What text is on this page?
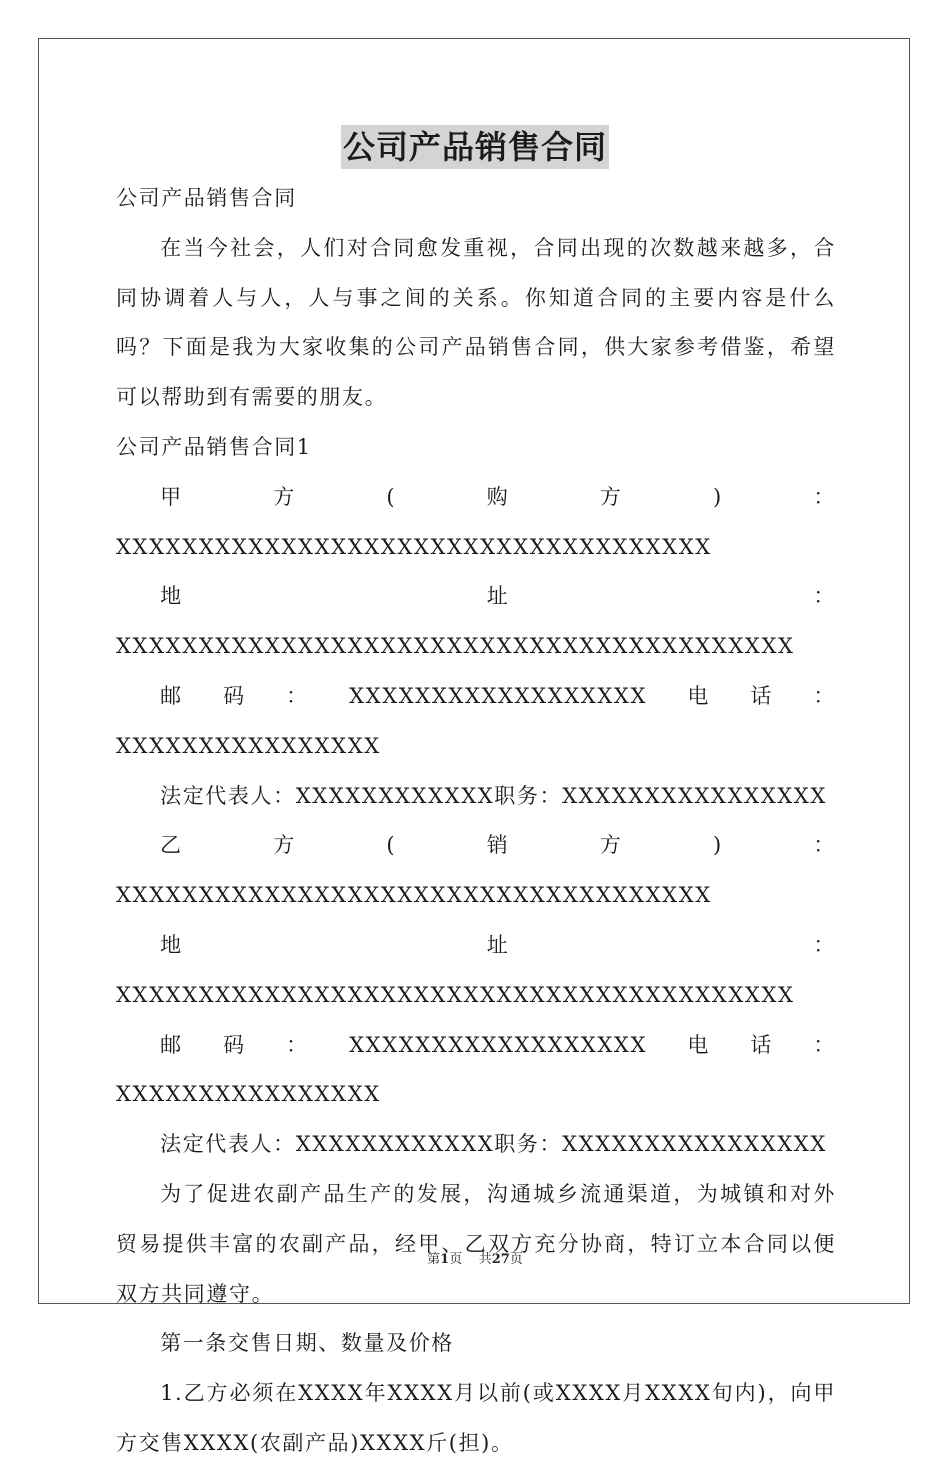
公司产品销售合同

公司产品销售合同

在当今社会，人们对合同愈发重视，合同出现的次数越来越多，合同协调着人与人，人与事之间的关系。你知道合同的主要内容是什么吗？下面是我为大家收集的公司产品销售合同，供大家参考借鉴，希望可以帮助到有需要的朋友。

公司产品销售合同1

甲方(购方)：XXXXXXXXXXXXXXXXXXXXXXXXXXXXXXXXXXXX

地址：XXXXXXXXXXXXXXXXXXXXXXXXXXXXXXXXXXXXXXXXX

邮码：XXXXXXXXXXXXXXXXXX电话：XXXXXXXXXXXXXXXX

法定代表人：XXXXXXXXXXXX职务：XXXXXXXXXXXXXXXX

乙方(销方)：XXXXXXXXXXXXXXXXXXXXXXXXXXXXXXXXXXXX

地址：XXXXXXXXXXXXXXXXXXXXXXXXXXXXXXXXXXXXXXXXX

邮码：XXXXXXXXXXXXXXXXXX电话：XXXXXXXXXXXXXXXX

法定代表人：XXXXXXXXXXXX职务：XXXXXXXXXXXXXXXX

为了促进农副产品生产的发展，沟通城乡流通渠道，为城镇和对外贸易提供丰富的农副产品，经甲、乙双方充分协商，特订立本合同以便双方共同遵守。

第一条交售日期、数量及价格

1.乙方必须在XXXX年XXXX月以前(或XXXX月XXXX旬内)，向甲方交售XXXX(农副产品)XXXX斤(担)。

第1页 共27页
